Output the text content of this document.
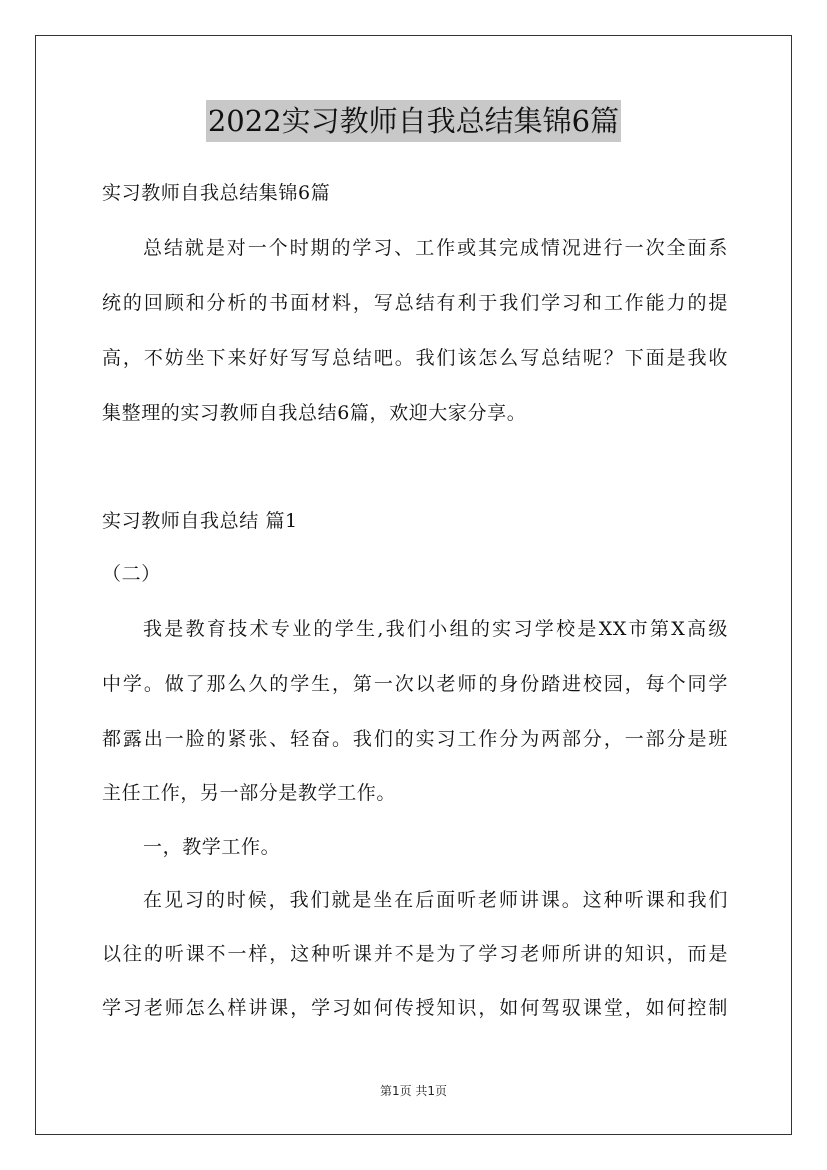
2022实习教师自我总结集锦6篇
实习教师自我总结集锦6篇
总结就是对一个时期的学习、工作或其完成情况进行一次全面系
统的回顾和分析的书面材料，写总结有利于我们学习和工作能力的提
高，不妨坐下来好好写写总结吧。我们该怎么写总结呢？下面是我收
集整理的实习教师自我总结6篇，欢迎大家分享。
实习教师自我总结 篇1
（二）
我是教育技术专业的学生,我们小组的实习学校是XX市第X高级
中学。做了那么久的学生，第一次以老师的身份踏进校园，每个同学
都露出一脸的紧张、轻奋。我们的实习工作分为两部分，一部分是班
主任工作，另一部分是教学工作。
一，教学工作。
在见习的时候，我们就是坐在后面听老师讲课。这种听课和我们
以往的听课不一样，这种听课并不是为了学习老师所讲的知识，而是
学习老师怎么样讲课，学习如何传授知识，如何驾驭课堂，如何控制
第1页 共1页
